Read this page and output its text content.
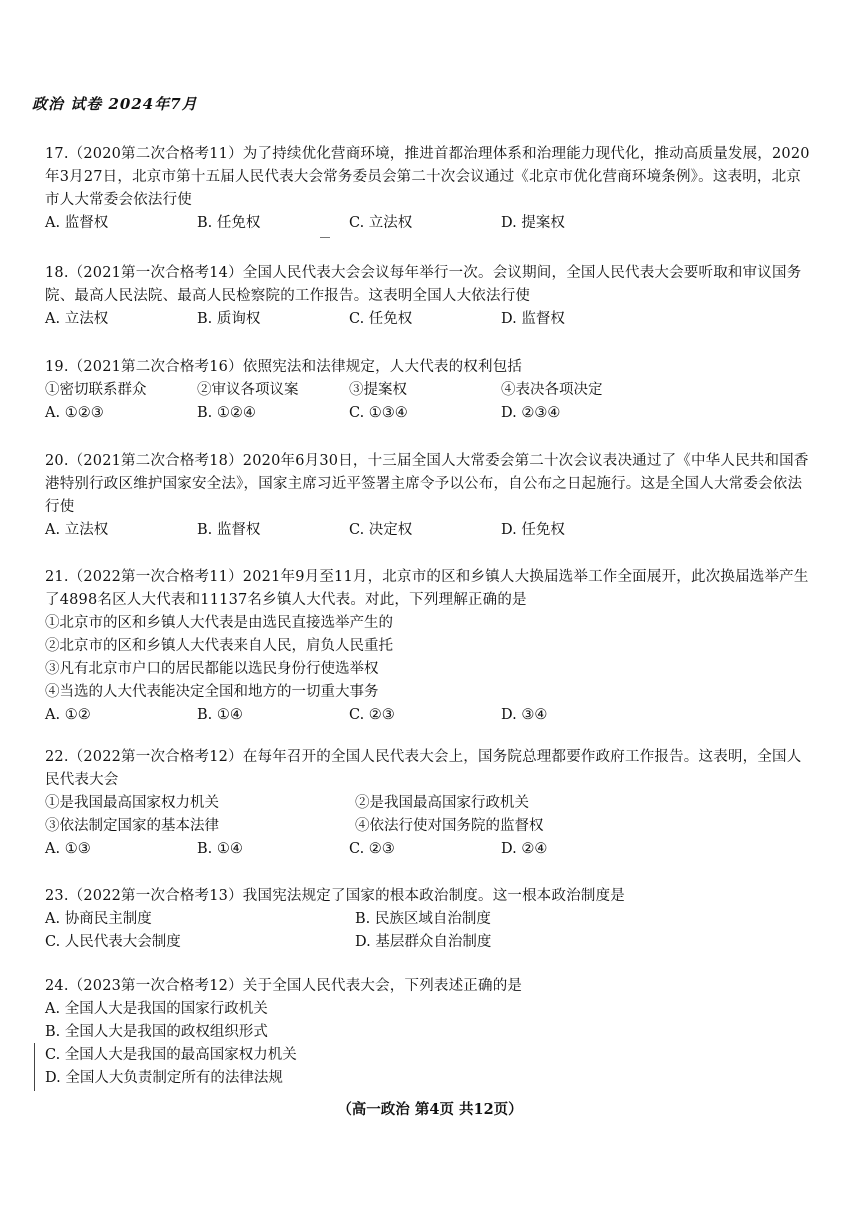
政治 试卷 2024年7月

17.（2020第二次合格考11）为了持续优化营商环境，推进首都治理体系和治理能力现代化，推动高质量发展，2020年3月27日，北京市第十五届人民代表大会常务委员会第二十次会议通过《北京市优化营商环境条例》。这表明，北京市人大常委会依法行使

A. 监督权	B. 任免权	C. 立法权	D. 提案权

18.（2021第一次合格考14）全国人民代表大会会议每年举行一次。会议期间，全国人民代表大会要听取和审议国务院、最高人民法院、最高人民检察院的工作报告。这表明全国人大依法行使

A. 立法权	B. 质询权	C. 任免权	D. 监督权

19.（2021第二次合格考16）依照宪法和法律规定，人大代表的权利包括

①密切联系群众	②审议各项议案	③提案权	④表决各项决定
A. ①②③	B. ①②④	C. ①③④	D. ②③④

20.（2021第二次合格考18）2020年6月30日，十三届全国人大常委会第二十次会议表决通过了《中华人民共和国香港特别行政区维护国家安全法》，国家主席习近平签署主席令予以公布，自公布之日起施行。这是全国人大常委会依法行使

A. 立法权	B. 监督权	C. 决定权	D. 任免权

21.（2022第一次合格考11）2021年9月至11月，北京市的区和乡镇人大换届选举工作全面展开，此次换届选举产生了4898名区人大代表和11137名乡镇人大代表。对此，下列理解正确的是

①北京市的区和乡镇人大代表是由选民直接选举产生的
②北京市的区和乡镇人大代表来自人民，肩负人民重托
③凡有北京市户口的居民都能以选民身份行使选举权
④当选的人大代表能决定全国和地方的一切重大事务
A. ①②	B. ①④	C. ②③	D. ③④

22.（2022第一次合格考12）在每年召开的全国人民代表大会上，国务院总理都要作政府工作报告。这表明，全国人民代表大会

①是我国最高国家权力机关	②是我国最高国家行政机关
③依法制定国家的基本法律	④依法行使对国务院的监督权
A. ①③	B. ①④	C. ②③	D. ②④

23.（2022第一次合格考13）我国宪法规定了国家的根本政治制度。这一根本政治制度是

A. 协商民主制度	B. 民族区域自治制度
C. 人民代表大会制度	D. 基层群众自治制度

24.（2023第一次合格考12）关于全国人民代表大会，下列表述正确的是

A. 全国人大是我国的国家行政机关
B. 全国人大是我国的政权组织形式
C. 全国人大是我国的最高国家权力机关
D. 全国人大负责制定所有的法律法规
（高一政治 第4页 共12页）
